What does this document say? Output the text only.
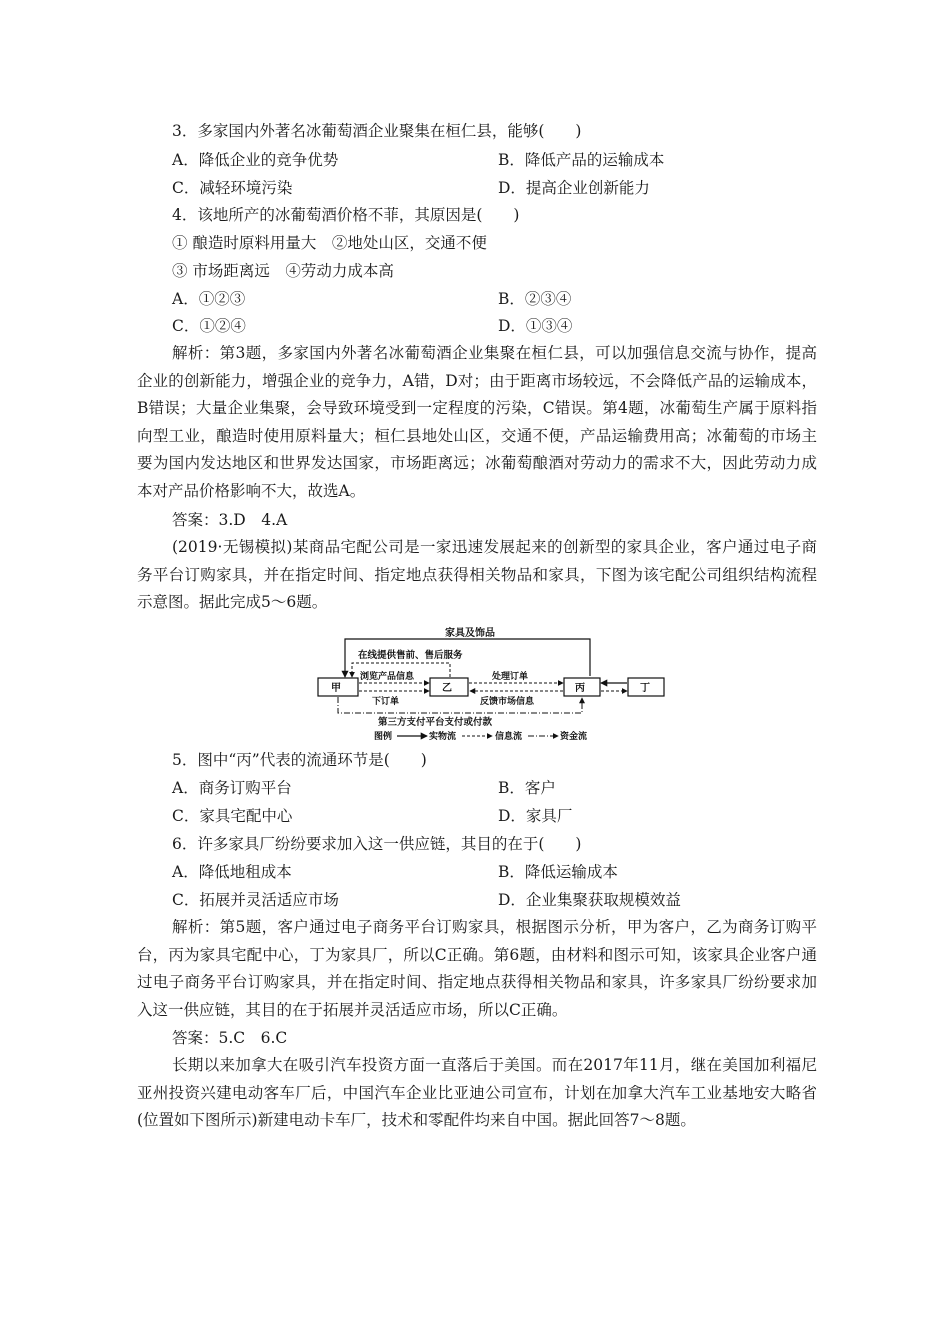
3．多家国内外著名冰葡萄酒企业聚集在桓仁县，能够(　　)
A．降低企业的竞争优势	B．降低产品的运输成本
C．减轻环境污染	D．提高企业创新能力
4．该地所产的冰葡萄酒价格不菲，其原因是(　　)
① 酿造时原料用量大　②地处山区，交通不便
③ 市场距离远　④劳动力成本高
A．①②③	B．②③④
C．①②④	D．①③④
解析：第3题，多家国内外著名冰葡萄酒企业集聚在桓仁县，可以加强信息交流与协作，提高企业的创新能力，增强企业的竞争力，A错，D对；由于距离市场较远，不会降低产品的运输成本，B错误；大量企业集聚，会导致环境受到一定程度的污染，C错误。第4题，冰葡萄生产属于原料指向型工业，酿造时使用原料量大；桓仁县地处山区，交通不便，产品运输费用高；冰葡萄的市场主要为国内发达地区和世界发达国家，市场距离远；冰葡萄酿酒对劳动力的需求不大，因此劳动力成本对产品价格影响不大，故选A。
答案：3.D　4.A
(2019·无锡模拟)某商品宅配公司是一家迅速发展起来的创新型的家具企业，客户通过电子商务平台订购家具，并在指定时间、指定地点获得相关物品和家具，下图为该宅配公司组织结构流程示意图。据此完成5～6题。
家具及饰品
在线提供售前、售后服务
甲	乙	丙	丁
浏览产品信息
下订单
处理订单
反馈市场信息
第三方支付平台支付或付款
图例	实物流	信息流	资金流
5．图中“丙”代表的流通环节是(　　)
A．商务订购平台	B．客户
C．家具宅配中心	D．家具厂
6．许多家具厂纷纷要求加入这一供应链，其目的在于(　　)
A．降低地租成本	B．降低运输成本
C．拓展并灵活适应市场	D．企业集聚获取规模效益
解析：第5题，客户通过电子商务平台订购家具，根据图示分析，甲为客户，乙为商务订购平台，丙为家具宅配中心，丁为家具厂，所以C正确。第6题，由材料和图示可知，该家具企业客户通过电子商务平台订购家具，并在指定时间、指定地点获得相关物品和家具，许多家具厂纷纷要求加入这一供应链，其目的在于拓展并灵活适应市场，所以C正确。
答案：5.C　6.C
长期以来加拿大在吸引汽车投资方面一直落后于美国。而在2017年11月，继在美国加利福尼亚州投资兴建电动客车厂后，中国汽车企业比亚迪公司宣布，计划在加拿大汽车工业基地安大略省(位置如下图所示)新建电动卡车厂，技术和零配件均来自中国。据此回答7～8题。
